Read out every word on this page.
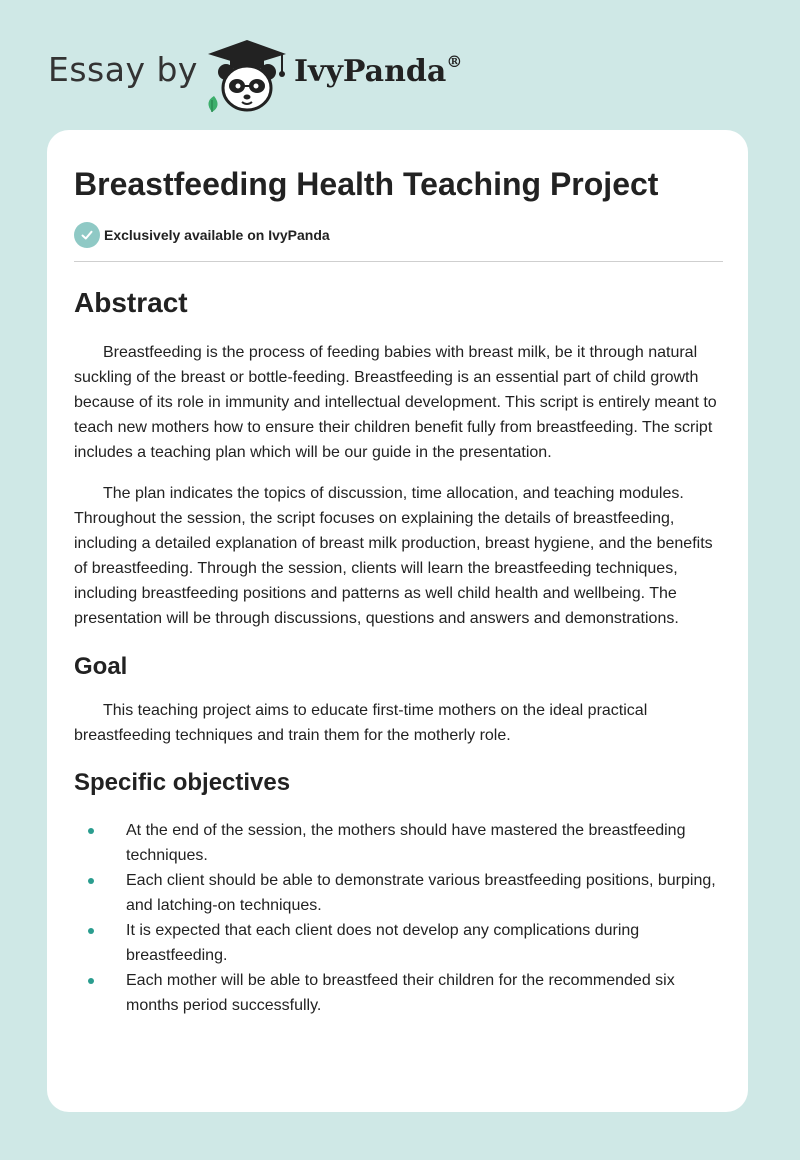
Essay by	IvyPanda®
Breastfeeding Health Teaching Project
Exclusively available on IvyPanda
Abstract

Breastfeeding is the process of feeding babies with breast milk, be it through natural suckling of the breast or bottle-feeding. Breastfeeding is an essential part of child growth because of its role in immunity and intellectual development. This script is entirely meant to teach new mothers how to ensure their children benefit fully from breastfeeding. The script includes a teaching plan which will be our guide in the presentation.

The plan indicates the topics of discussion, time allocation, and teaching modules. Throughout the session, the script focuses on explaining the details of breastfeeding, including a detailed explanation of breast milk production, breast hygiene, and the benefits of breastfeeding. Through the session, clients will learn the breastfeeding techniques, including breastfeeding positions and patterns as well child health and wellbeing. The presentation will be through discussions, questions and answers and demonstrations.

Goal

This teaching project aims to educate first-time mothers on the ideal practical breastfeeding techniques and train them for the motherly role.

Specific objectives
At the end of the session, the mothers should have mastered the breastfeeding techniques.
Each client should be able to demonstrate various breastfeeding positions, burping, and latching-on techniques.
It is expected that each client does not develop any complications during breastfeeding.
Each mother will be able to breastfeed their children for the recommended six months period successfully.
